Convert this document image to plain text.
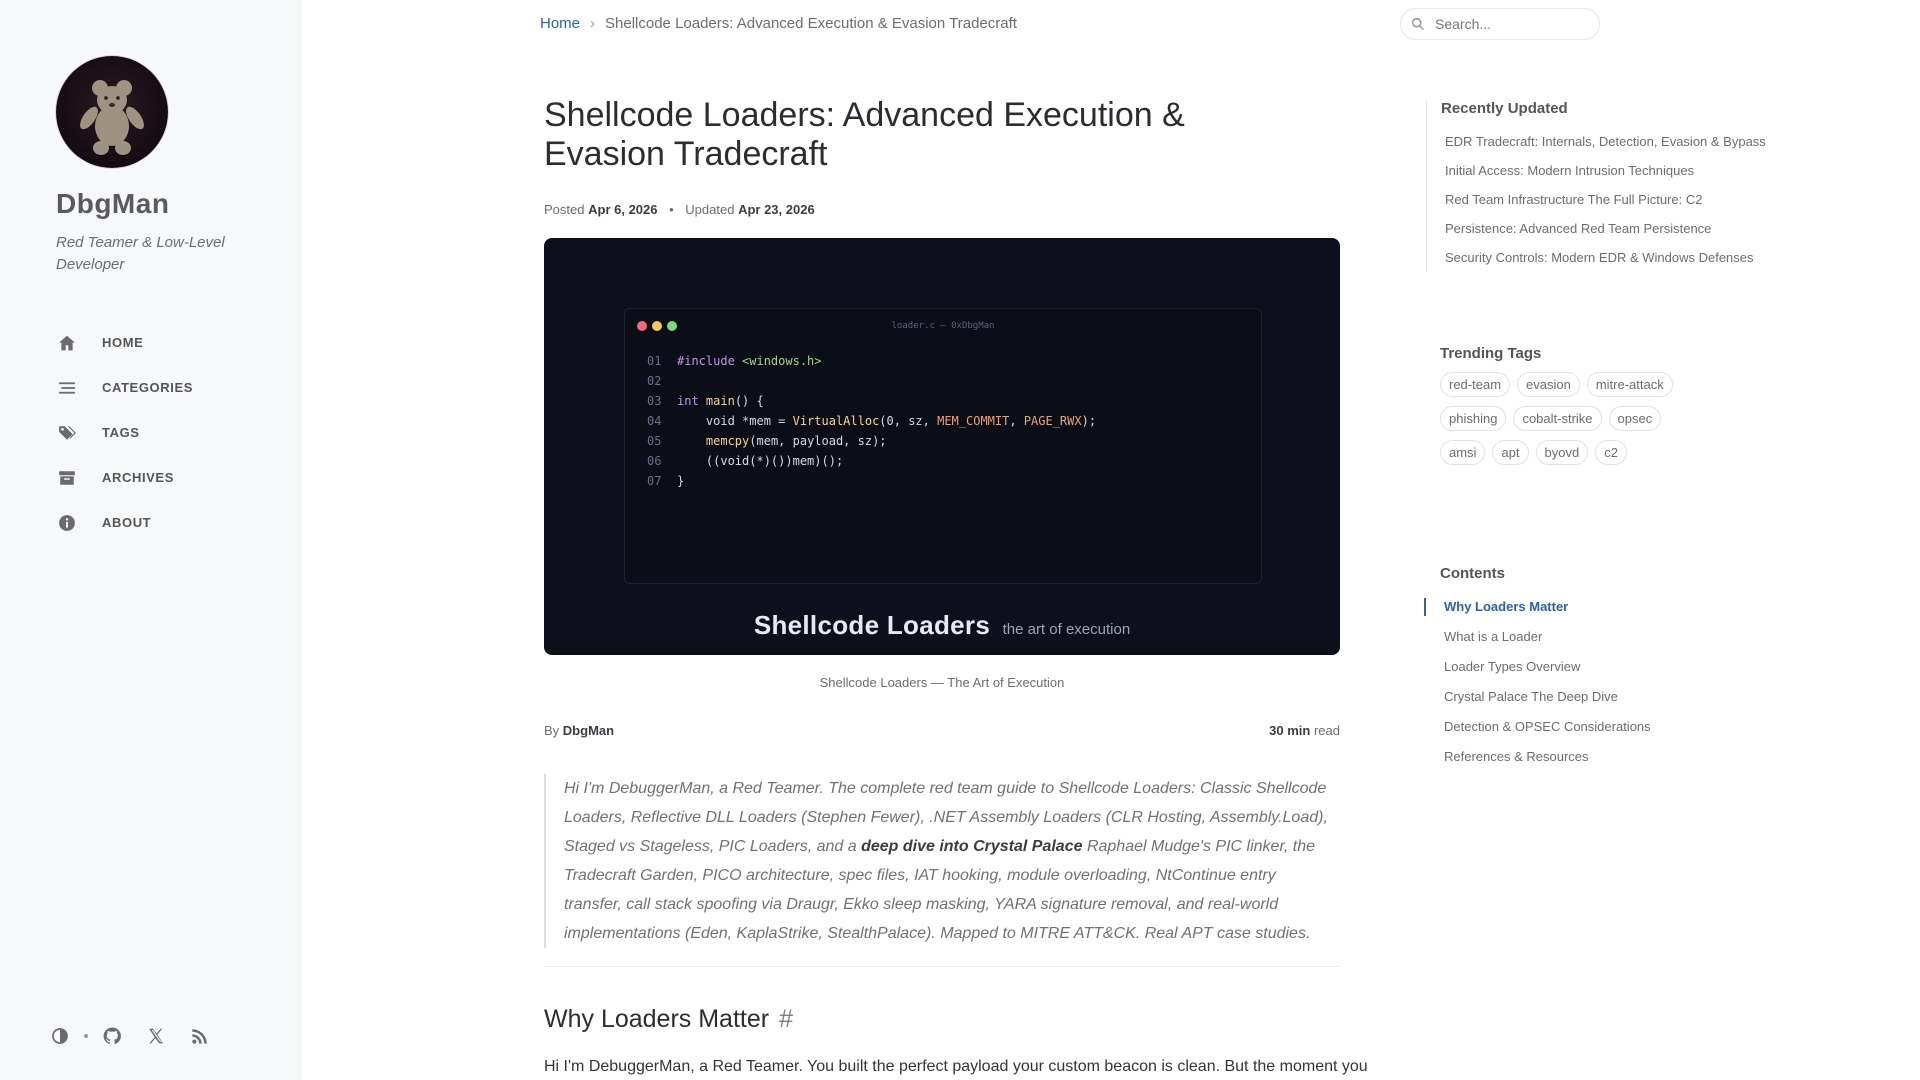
DbgMan
Red Teamer & Low-Level Developer
HOME
CATEGORIES
TAGS
ARCHIVES
ABOUT
Home › Shellcode Loaders: Advanced Execution & Evasion Tradecraft
Search...
Shellcode Loaders: Advanced Execution & Evasion Tradecraft
Posted Apr 6, 2026 • Updated Apr 23, 2026
loader.c — 0xDbgMan
01 #include <windows.h>
02
03 int main() {
04    void *mem = VirtualAlloc(0, sz, MEM_COMMIT, PAGE_RWX);
05	memcpy(mem, payload, sz);
06    ((void(*)())mem)();
07 }
Shellcode Loaders the art of execution
Shellcode Loaders — The Art of Execution
By DbgMan	30 min read
Hi I'm DebuggerMan, a Red Teamer. The complete red team guide to Shellcode Loaders: Classic Shellcode Loaders, Reflective DLL Loaders (Stephen Fewer), .NET Assembly Loaders (CLR Hosting, Assembly.Load), Staged vs Stageless, PIC Loaders, and a deep dive into Crystal Palace Raphael Mudge's PIC linker, the Tradecraft Garden, PICO architecture, spec files, IAT hooking, module overloading, NtContinue entry transfer, call stack spoofing via Draugr, Ekko sleep masking, YARA signature removal, and real-world implementations (Eden, KaplaStrike, StealthPalace). Mapped to MITRE ATT&CK. Real APT case studies.
Why Loaders Matter #
Hi I'm DebuggerMan, a Red Teamer. You built the perfect payload your custom beacon is clean. But the moment you
Recently Updated
EDR Tradecraft: Internals, Detection, Evasion & Bypass
Initial Access: Modern Intrusion Techniques
Red Team Infrastructure The Full Picture: C2
Persistence: Advanced Red Team Persistence
Security Controls: Modern EDR & Windows Defenses
Trending Tags
red-team	evasion	mitre-attack
phishing	cobalt-strike	opsec
amsi	apt	byovd	c2
Contents
Why Loaders Matter
What is a Loader
Loader Types Overview
Crystal Palace The Deep Dive
Detection & OPSEC Considerations
References & Resources
